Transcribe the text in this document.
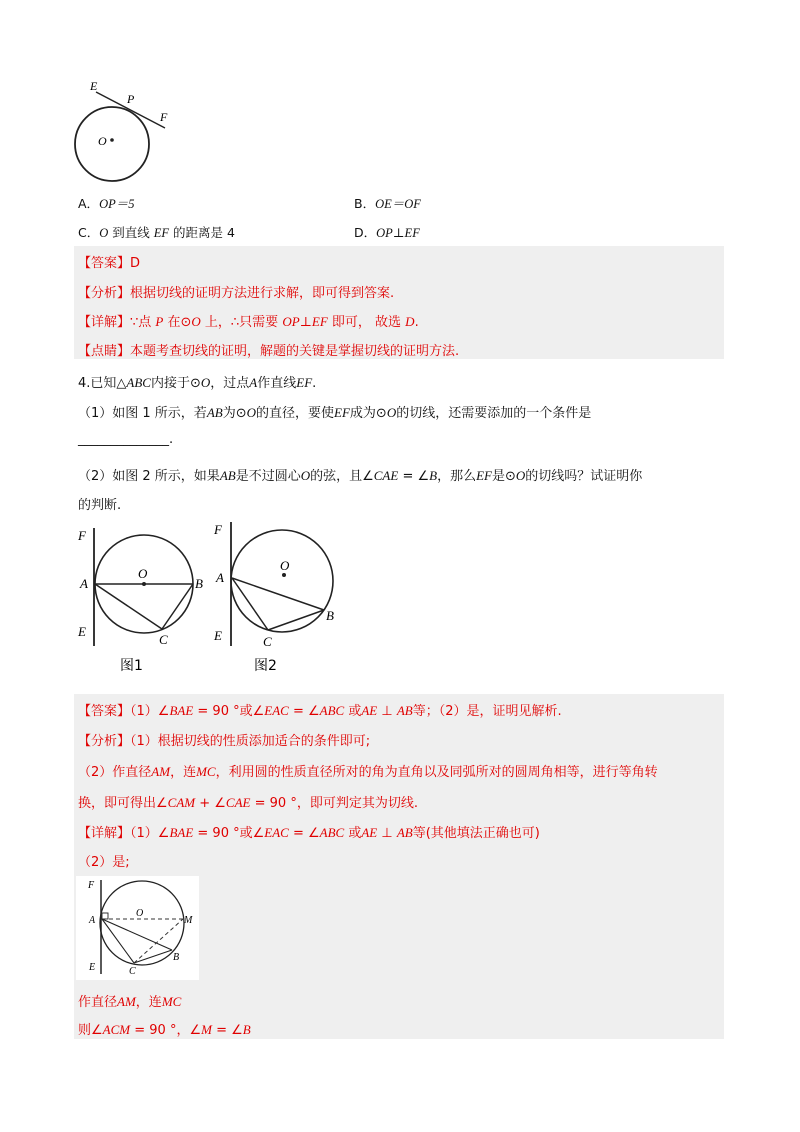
E
P
F
O
A．OP＝5	B．OE＝OF
C．O 到直线 EF 的距离是 4	D．OP⊥EF
【答案】D
【分析】根据切线的证明方法进行求解，即可得到答案.
【详解】∵点 P 在⊙O 上，∴只需要 OP⊥EF 即可， 故选 D.
【点睛】本题考查切线的证明，解题的关键是掌握切线的证明方法.
4.已知△ABC内接于⊙O，过点A作直线EF.
（1）如图 1 所示，若AB为⊙O的直径，要使EF成为⊙O的切线，还需要添加的一个条件是
______________.
（2）如图 2 所示，如果AB是不过圆心O的弦，且∠CAE = ∠B，那么EF是⊙O的切线吗？试证明你
的判断.
F
A
O
B
E
C
图1
F
A
O
B
E	C
图2
【答案】（1）∠BAE = 90 °或∠EAC = ∠ABC 或AE ⊥ AB等；（2）是，证明见解析.
【分析】（1）根据切线的性质添加适合的条件即可;
（2）作直径AM，连MC，利用圆的性质直径所对的角为直角以及同弧所对的圆周角相等，进行等角转
换，即可得出∠CAM + ∠CAE = 90 °，即可判定其为切线.
【详解】（1）∠BAE = 90 °或∠EAC = ∠ABC 或AE ⊥ AB等(其他填法正确也可)
（2）是;
F
A
O
M
E	C
B
作直径AM，连MC
则∠ACM = 90 °，∠M = ∠B
